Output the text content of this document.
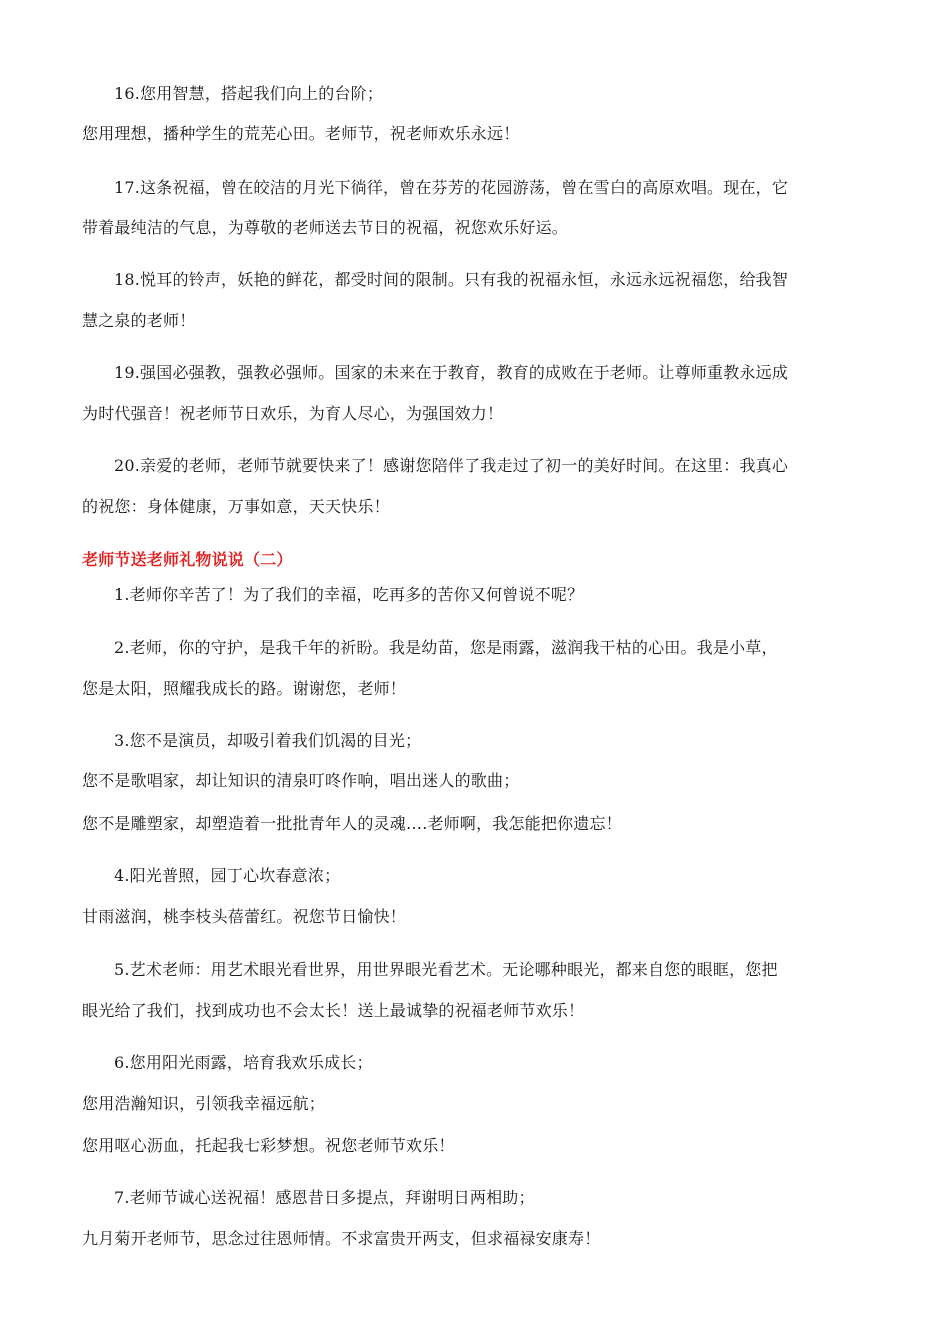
16.您用智慧，搭起我们向上的台阶；
您用理想，播种学生的荒芜心田。老师节，祝老师欢乐永远！
17.这条祝福，曾在皎洁的月光下徜徉，曾在芬芳的花园游荡，曾在雪白的高原欢唱。现在，它
带着最纯洁的气息，为尊敬的老师送去节日的祝福，祝您欢乐好运。
18.悦耳的铃声，妖艳的鲜花，都受时间的限制。只有我的祝福永恒，永远永远祝福您，给我智
慧之泉的老师！
19.强国必强教，强教必强师。国家的未来在于教育，教育的成败在于老师。让尊师重教永远成
为时代强音！祝老师节日欢乐，为育人尽心，为强国效力！
20.亲爱的老师，老师节就要快来了！感谢您陪伴了我走过了初一的美好时间。在这里：我真心
的祝您：身体健康，万事如意，天天快乐！
老师节送老师礼物说说（二）
1.老师你辛苦了！为了我们的幸福，吃再多的苦你又何曾说不呢？
2.老师，你的守护，是我千年的祈盼。我是幼苗，您是雨露，滋润我干枯的心田。我是小草，
您是太阳，照耀我成长的路。谢谢您，老师！
3.您不是演员，却吸引着我们饥渴的目光；
您不是歌唱家，却让知识的清泉叮咚作响，唱出迷人的歌曲；
您不是雕塑家，却塑造着一批批青年人的灵魂….老师啊，我怎能把你遗忘！
4.阳光普照，园丁心坎春意浓；
甘雨滋润，桃李枝头蓓蕾红。祝您节日愉快！
5.艺术老师：用艺术眼光看世界，用世界眼光看艺术。无论哪种眼光，都来自您的眼眶，您把
眼光给了我们，找到成功也不会太长！送上最诚挚的祝福老师节欢乐！
6.您用阳光雨露，培育我欢乐成长；
您用浩瀚知识，引领我幸福远航；
您用呕心沥血，托起我七彩梦想。祝您老师节欢乐！
7.老师节诚心送祝福！感恩昔日多提点，拜谢明日两相助；
九月菊开老师节，思念过往恩师情。不求富贵开两支，但求福禄安康寿！
